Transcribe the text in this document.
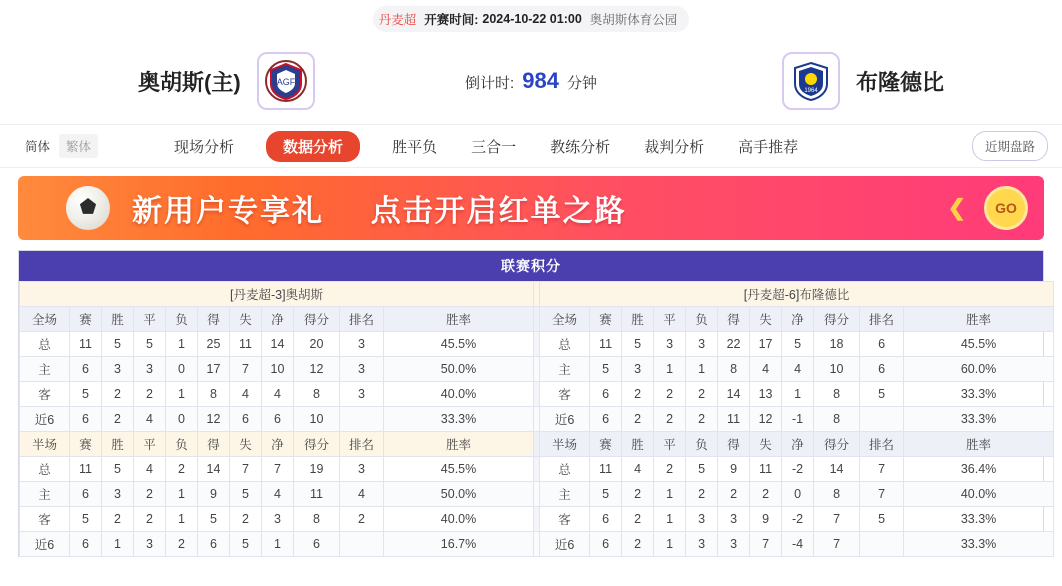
丹麦超 开赛时间: 2024-10-22 01:00 奥胡斯体育公园
奥胡斯(主)	AGF	倒计时: 984 分钟	1964 布隆德比
简体	繁体	现场分析	数据分析	胜平负 三合一 教练分析 裁判分析 高手推荐	近期盘路
新用户专享礼 点击开启红单之路	❮	GO
联赛积分
[丹麦超-3]奥胡斯												[丹麦超-6]布隆德比										
全场	赛	胜	平	负	得	失	净	得分	排名	胜率		全场	赛	胜	平	负	得	失	净	得分	排名	胜率
总	11	5	5	1	25	11	14	20	3	45.5%		总	11	5	3	3	22	17	5	18	6	45.5%
主	6	3	3	0	17	7	10	12	3	50.0%		主	5	3	1	1	8	4	4	10	6	60.0%
客	5	2	2	1	8	4	4	8	3	40.0%		客	6	2	2	2	14	13	1	8	5	33.3%
近6	6	2	4	0	12	6	6	10		33.3%		近6	6	2	2	2	11	12	-1	8		33.3%
半场	赛	胜	平	负	得	失	净	得分	排名	胜率		半场	赛	胜	平	负	得	失	净	得分	排名	胜率
总	11	5	4	2	14	7	7	19	3	45.5%		总	11	4	2	5	9	11	-2	14	7	36.4%
主	6	3	2	1	9	5	4	11	4	50.0%		主	5	2	1	2	2	2	0	8	7	40.0%
客	5	2	2	1	5	2	3	8	2	40.0%		客	6	2	1	3	3	9	-2	7	5	33.3%
近6	6	1	3	2	6	5	1	6		16.7%		近6	6	2	1	3	3	7	-4	7		33.3%
